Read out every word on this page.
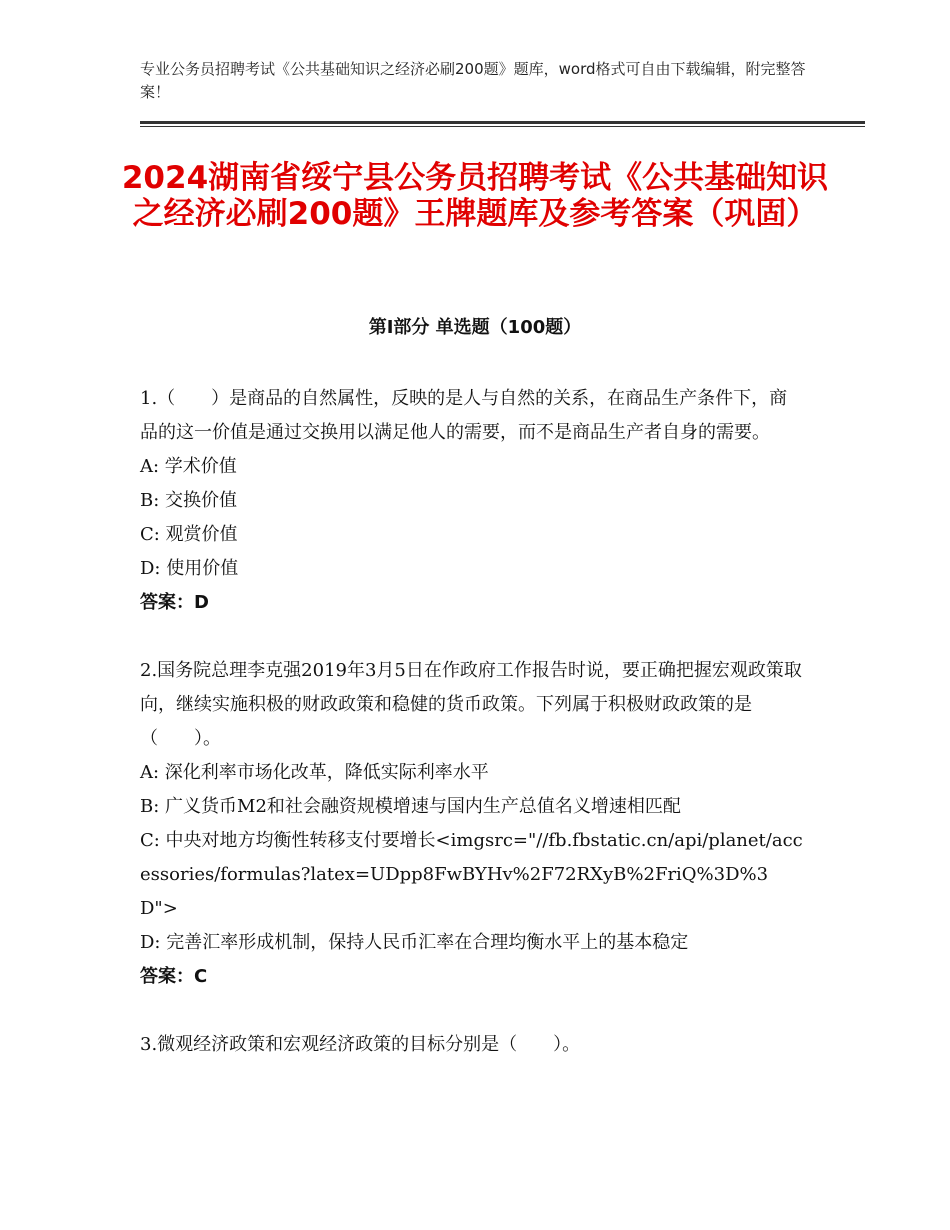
专业公务员招聘考试《公共基础知识之经济必刷200题》题库，word格式可自由下载编辑，附完整答案！
2024湖南省绥宁县公务员招聘考试《公共基础知识之经济必刷200题》王牌题库及参考答案（巩固）
第Ⅰ部分 单选题（100题）

1.（　　）是商品的自然属性，反映的是人与自然的关系，在商品生产条件下，商品的这一价值是通过交换用以满足他人的需要，而不是商品生产者自身的需要。

A: 学术价值

B: 交换价值

C: 观赏价值

D: 使用价值

答案：D

2.国务院总理李克强2019年3月5日在作政府工作报告时说，要正确把握宏观政策取向，继续实施积极的财政政策和稳健的货币政策。下列属于积极财政政策的是（　　）。

A: 深化利率市场化改革，降低实际利率水平

B: 广义货币M2和社会融资规模增速与国内生产总值名义增速相匹配

C: 中央对地方均衡性转移支付要增长<imgsrc="//fb.fbstatic.cn/api/planet/accessories/formulas?latex=UDpp8FwBYHv%2F72RXyB%2FriQ%3D%3D">

D: 完善汇率形成机制，保持人民币汇率在合理均衡水平上的基本稳定

答案：C

3.微观经济政策和宏观经济政策的目标分别是（　　）。
